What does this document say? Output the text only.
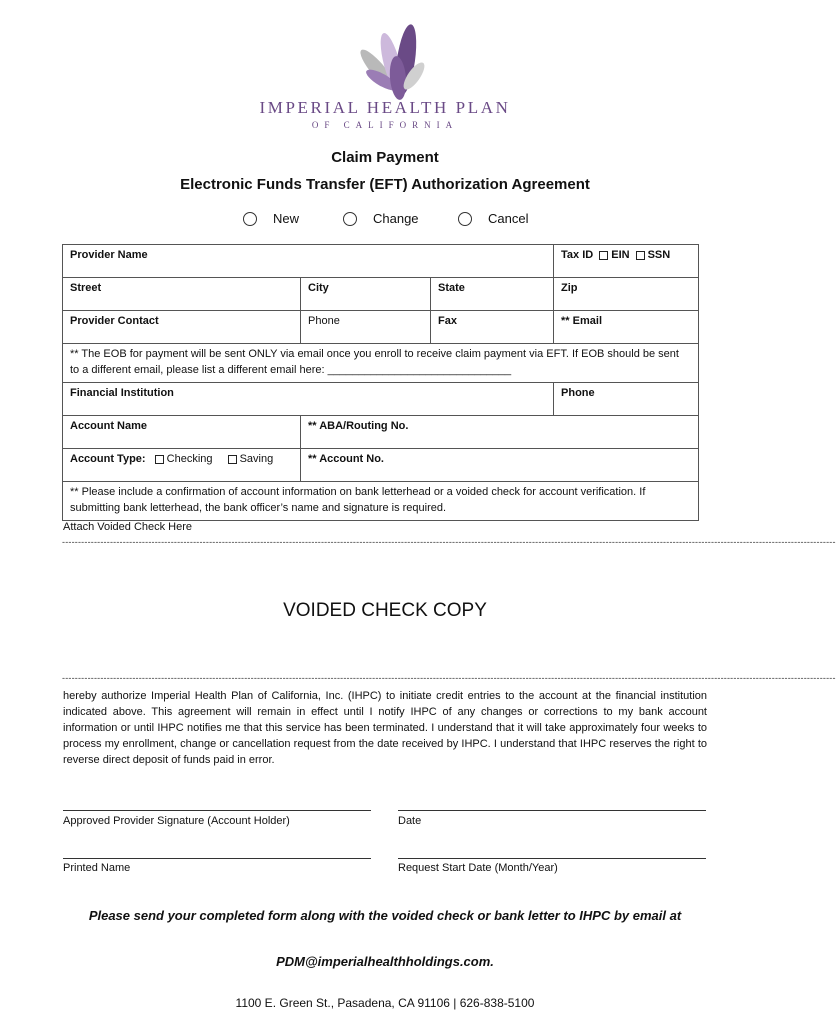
IMPERIAL HEALTH PLAN
OF CALIFORNIA
Claim Payment
Electronic Funds Transfer (EFT) Authorization Agreement
New	Change	Cancel
Provider Name			Tax ID EIN SSN
Street	City	State	Zip
Provider Contact	Phone	Fax	** Email
** The EOB for payment will be sent ONLY via email once you enroll to receive claim payment via EFT. If EOB should be sent to a different email, please list a different email here: ______________________________			
Financial Institution			Phone
Account Name	** ABA/Routing No.		
Account Type: Checking Saving	** Account No.		
** Please include a confirmation of account information on bank letterhead or a voided check for account verification. If submitting bank letterhead, the bank officer’s name and signature is required.			
Attach Voided Check Here
--------------------------------------------------------------------------------------------------------------------------------------------------------------------------------------------------------------------------------------------------
VOIDED CHECK COPY
--------------------------------------------------------------------------------------------------------------------------------------------------------------------------------------------------------------------------------------------------
hereby authorize Imperial Health Plan of California, Inc. (IHPC) to initiate credit entries to the account at the financial institution indicated above. This agreement will remain in effect until I notify IHPC of any changes or corrections to my bank account information or until IHPC notifies me that this service has been terminated. I understand that it will take approximately four weeks to process my enrollment, change or cancellation request from the date received by IHPC. I understand that IHPC reserves the right to reverse direct deposit of funds paid in error.
Approved Provider Signature (Account Holder)	Date
Printed Name	Request Start Date (Month/Year)
Please send your completed form along with the voided check or bank letter to IHPC by email at
PDM@imperialhealthholdings.com.
1100 E. Green St., Pasadena, CA 91106 | 626-838-5100
